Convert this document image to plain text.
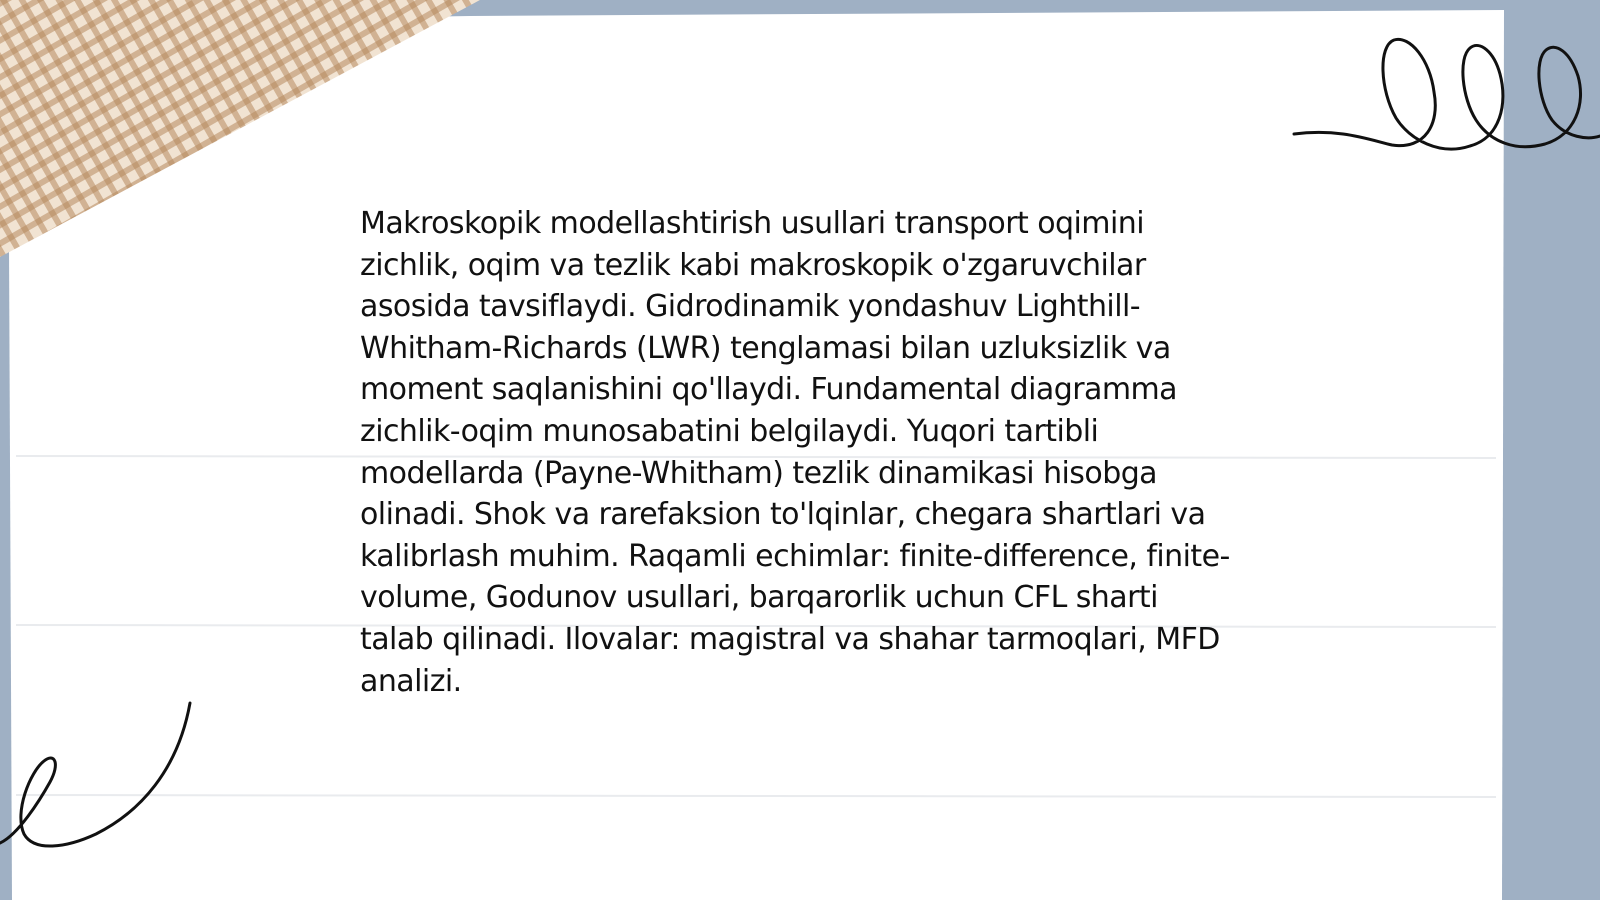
Makroskopik modellashtirish usullari transport oqimini zichlik, oqim va tezlik kabi makroskopik o'zgaruvchilar asosida tavsiflaydi. Gidrodinamik yondashuv Lighthill-Whitham-Richards (LWR) tenglamasi bilan uzluksizlik va moment saqlanishini qo'llaydi. Fundamental diagramma zichlik-oqim munosabatini belgilaydi. Yuqori tartibli modellarda (Payne-Whitham) tezlik dinamikasi hisobga olinadi. Shok va rarefaksion to'lqinlar, chegara shartlari va kalibrlash muhim. Raqamli echimlar: finite-difference, finite-volume, Godunov usullari, barqarorlik uchun CFL sharti talab qilinadi. Ilovalar: magistral va shahar tarmoqlari, MFD analizi.
